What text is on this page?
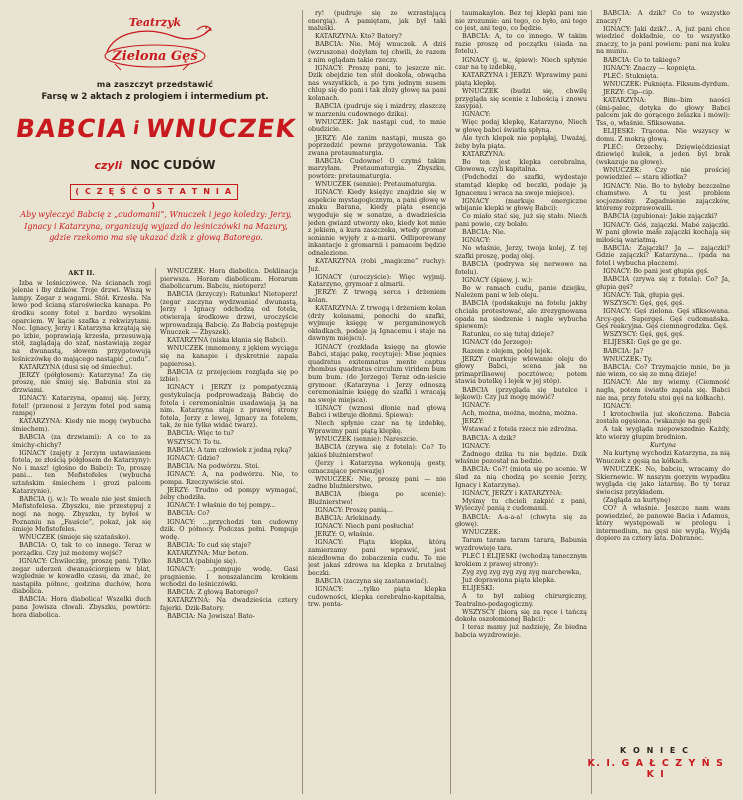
Teatrzyk
Zielona Gęś
ma zaszczyt przedstawić
Farsę w 2 aktach z prologiem i intermedium pt.
BABCIA i WNUCZEK
czyli NOC CUDÓW
( C Z Ę Ś Ć O S T A T N I A )
Aby wyleczyć Babcię z „cudomanii”, Wnuczek i jego koledzy: Jerzy, Ignacy i Katarzyna, organizują wyjazd do leśniczówki na Mazury, gdzie rzekomo ma się ukazać dzik z głową Batorego.

AKT II.

Izba w leśniczówce. Na ścianach rogi jelenie i łby dzików. Troje drzwi. Wiszą w lampy. Zegar z wagami. Stół. Krzesła. Na lewo pod ścianą staroświecka kanapa. Po środku sceny fotel z bardzo wysokim oparciem. W kącie szafka z rekwizytami. Noc. Ignacy, Jerzy i Katarzyna krzątają się po izbie, poprawiają krzesła, przesuwają stół, zaglądają do szaf, nastawiają zegar na dwunastą, słowem przygotowują leśniczówkę do mającego nastąpić „cudu”.

KATARZYNA (dusi się od śmiechu).

JERZY (półgłosem): Katarzyna! Za cię proszę, nie śmiej się. Babunia stoi za drzwiami.

IGNACY: Katarzyna, opanuj się. Jerzy, fotel! (przenosi z Jerzym fotel pod samą rampę)

KATARZYNA: Kiedy nie mogę (wybucha śmiechem).

BABCIA (za drzwiami): A co to za śmichy-chichy?

IGNACY (zajęty z Jerzym ustawianiem fotela, ze złością półgłosem do Katarzyny): No i masz! (głośno do Babci): To, proszę pani... ten Mefistofeles (wybucha sztańskim śmiechem i grozi palcem Katarzynie).

BABCIA (j. w.): To weale nie jest śmiech Mefistofelesa. Zbyszku, nie przestępuj z nogi na nogę. Zbyszku, ty byłeś w Poznaniu na „Fauście”, pokaż, jak się śmieje Mefistofeles.

WNUCZEK (śmieje się szatańsko).

BABCIA: O, tak to co innego. Teraz w porządku. Czy już możemy wejść?

IGNACY: Chwileczkę, proszę pani. Tylko zegar uderzeń dwanaściorgiem w blat, wzglednie w kowadło czasu, da znać, że nastąpiła północ, godzina duchów, hora diabolica.

BABCIA: Hora diabolica! Wszelki duch pana Jowisza chwali. Zbyszku, powtórz: hora diabolica.

WNUCZEK: Hora diabolica. Deklinacja pierwsza. Horam diabolicam. Horarum diabolicarum. Babciu, nietoperz!

BABCIA (krzyczy): Ratunku! Nietoperz! (zegar zaczyna wydzwaniać dwunastą, Jerzy i Ignacy odchodzą od fotela, otwierają środkowe drzwi, uroczyście wprowadzają Babcię. Za Babcią postępuje Wnuczek — Zbyszek).

KATARZYNA (niska kłania się Babci).

WNUCZEK (mnemony, z jękiem wyciąga się na kanapie i dyskretnie zapala papierosa).

BABCIA (z przejęciem rozgląda się po izbie).

IGNACY i JERZY (z pompatycznią gestykulacją podprowadzają Babcię do fotela i ceremonialnie usadawiają ją na nim. Katarzyna staje z prawej strony fotela, Jerzy z lewej, Ignacy za fotelem, tak, że nie tylko widać twarz).

BABCIA: Więc to tu?

WSZYSCY: To tu.

BABCIA: A tam człowiek z jedną ręką?

IGNACY: Gdzie?

BABCIA: Na podwórzu. Stoi.

IGNACY: A, na podwórzu. Nie, to pompa. Rzeczywiście stoi.

JERZY: Trudno od pompy wymagać, żeby chodziła.

IGNACY: I właśnie do tej pompy...

BABCIA: Co?

IGNACY: ...przychodzi ten cudowny dzik. O północy. Podczas pełni. Pompuje wodę.

BABCIA: To cud się staje?

KATARZYNA: Mur beton.

BABCIA (pabiuje się).

IGNACY: ...pompuje wodę. Gasi pragnienie. I nonszalancim krokiem wchodzi do leśniczówki.

BABCIA: Z głową Batorego?

KATARZYNA: Na dwadzieścia cztery fajerki. Dzik-Batory.

BABCIA: Na Jowisza! Bato-

ry! (pudruje się ze wzrastającą energią). A pamiętam, jak był taki maluśki.

KATARZYNA: Kto? Batory?

BABCIA: Nie. Mój wnuczek. A dziś (wzruszona) dożyłam tej chwili, że razem z nim oglądam takie rzeczy.

IGNACY: Proszę pani, to jeszcze nic. Dzik obejdzie ten stół dookoła, obwącha nas wszystkich, a po tym jednym susem chlup się do pani i tak złoży głowę na pani kolanach.

BABCIA (pudruje się i mizdrzy, złaszczę w marzeniu cudownego dzika).

WNUCZEK: Jak nastąpi cud, to mnie obudzicie.

JERZY: Ale zanim nastąpi, musza go poprzedzić pewne przygotowania. Tak zwana pretaumaturgia.

BABCIA: Cudowne! O czymś takim marzyłam. Pretaumaturgia. Zbyszku, powtórz: pretaumaturgia.

WNUCZEK (sennie): Pretaumaturgia.

IGNACY: Kiedy księżyc znajdzie się w aspekcie mystagogicznym, a pani głowę w znaku Barana, kiedy piąta esencja wygoduje się w sonatze, a dwadzieścia jeden gwiazd utworzy oko, kiedy kot mnie z jekiem, a kura zaszczeka, wtedy gromar sonianie wyjęły z a‑marii. Odliporewany inkantacje z gromarnii i pamacem będzie odnalezione.

KATARZYNA (robi „magiczne” ruchy): Już.

IGNACY (uroczyście): Więc wyjmij. Katarzyno, grymoar z almarii.

JERZY: Z trwogą serca i drżeniem kolan.

KATARZYNA: Z trwogą i drżeniem kolan (drży kolanami, ponochi do szafki, wyjmuje księgę w pergaminowych okładkach, podaje ją Ignacemu i staje na dawnym miejscu).

IGNACY (rozkłada księgę na głowie Babci, stając pakę, recytuje): Mise jeqnies quadratus exitemnatus mente captus rhombus quadratus circulum viridem bum bum bum. (do Jerzego) Teraz odn‑ieście grymoar. (Katarzyna i Jerzy odnoszą ceremonialnie księgę do szafki i wracają na swoje miejsca).

IGNACY (wznosi dłonie nad głową Babci i wibruje dłońmi. Śpiewa):

Niech spłynie czar na tę izdebkę, Wprawimy pani piątą klepkę.

WNUCZEK (sennie): Nareszcie.

BABCIA (zrywa się z fotela): Co? To jakieś bluźnierstwo!

(Jerzy i Katarzyna wykonują gesty, oznaczające perswazję)

WNUCZEK: Nie, proszę pani — nie żadne bluźnierstwo.

BABCIA (biega po scenie): Bluźnierstwo!

IGNACY: Proszę panią...

BABCIA: Arlekinady.

IGNACY: Niech pani posłucha!

JERZY: O, właśnie.

IGNACY: Piąta klepka, którą zamierzamy pani wprawić, jest niezdłowna do zobaczenia cudu. To nie jest jakaś zdrowa na klepka z brutalnej beczki.

BABCIA (zaczyna się zastanawiać).

IGNACY: ...tylko piąta klepka cudowności, klepka cerebralno-kapitalna, trw. penta-

taumakaylon. Bez tej klepki pani nie nie zrozumie: ani tego, co było, ani tego co jest, ani tego, co będzie.

BABCIA: A, to co innego. W takim razie proszę od początku (siada na fotelu).

IGNACY (j. w., śpiew): Niech spłynie czar na tę izdebkę,

KATARZYNA i JERZY: Wprawimy pani piątą klepkę.

WNUCZEK (budzi się, chwilę przygląda się scenie z lubością i znowu zasypia).

IGNACY:

Więc podaj klepkę, Katarzyno, Niech w głowę babci światła spłyną.

Ale tych klepek nie popląłaj, Uważaj, żeby była piąta.

KATARZYNA:

Bo ten jest klepka cerebralna, Głowowa, czyli kapitalna.

(Podchodzi do szafki, wydostaje stamtąd klepkę od beczki, podaje ją Ignacemu i wraca na swoje miejsce).

IGNACY (markuje energiczne wbijanie klepki w głowę Babci):

Co miało stać się, już się stało. Niech pani powie, czy bolało.

BABCIA: Nie.

IGNACY:

No właśnie, Jerzy, twoja kolej, Z tej szafki proszę, podaj olej.

BABCIA (podrywa się nerwowo na fotelu).

IGNACY (śpiew, j. w.):

Bo w ramach cudu, panie dziejku, Należem pani w leb oleju.

BABCIA (podskakuje na fotelu jakby chciała protestować, ale zrezygnowana opada na siedzenie i nagle wybucha śpiewem):

Ratunku, co się tutaj dzieje?

IGNACY (do Jerzego):

Razem z olejem, polej lejek.

JERZY (markuje wlewanie oleju do głowy Babci, scena jak na primaprilisowej pocztówce; potem stawia butelkę i lejek w jej stóp).

BABCIA (przygląda się butelce i lejkowi): Czy już mogę mówić?

IGNACY:

Ach, można, można, można, można.

JERZY:

Wstawać z fotela rzecz nie zdrożna.

BABCIA: A dzik?

IGNACY:

Żadnego dzika tu nie będzie. Dzik właśnie pozostał na bedzie.

BABCIA: Co?! (miota się po scenie. W ślad za nią chodzą po scenie Jerzy, Ignacy i Katarzyna).

IGNACY, JERZY i KATARZYNA:

Myśmy tu chcieli zakpić z pani, Wyleczyć panią z cudomanii.

BABCIA: A-a-a-a! (chwyta się za głowę).

WNUCZEK:

Taram taram taram tarara, Babunia wyzdrowieje tara.

PLEĆ I ELIJESKI (wchodzą tanecznym krokiem z prawej strony):

Zyg zyg zyg zyg zyg zyg marchewka,

Już doprawiona piąta klepka.

ELIJESKI:

A to był zabieg chirurgiczny, Teatralno-pedagogiczny.

WSZYSCY (biorą się za ręce i tańczą dokoła oszołomionej Babci):

I teraz mamy już nadzieję, Że biedna babcia wyzdrowieje.

BABCIA: A dzik? Co to wszystko znaczy?

IGNACY: Jaki dzik?... A, już pani chce wiedzieć dokładnie, co to wszystko znaczy, to ja pani powiem: pani ma kuku na muniu.

BABCIA: Co to takiego?

IGNACY: Znaczy — kopnięta.

PLEĆ: Stuknięta.

WNUCZEK: Puknięta. Fiksum-dyrdum.

JERZY: Cip--cip.

KATARZYNA: Bim--bim naości (śmi‑palec, dotyka do głowy Babci palcem jak do gorącego żelazka i mówi): Tss, o, właśnie. Sfiksowana.

ELIJESKI: Trącona. Nie wszyscy w domu. Z mokrą głową.

PLEĆ: Orzechy. Dzięwięćdziesiąt dziewięć kulek, a jeden byl brak (wskazuje na głowę).

WNUCZEK: Czy nie prościej powiedzieć — stara idiotka?

IGNACY: Nie. Bo to byłoby bezczelne chamstwo. A tu jest problem socjoznośny. Zagadnienie zajączków, któremy rozprawowaili.

BABCIA (zgubiona): Jakie zajączki?

IGNACY: Góś, zajączki. Mabé zajączki. W pani głowie małe zajączki kochają się miłością wariatmą.

BABCIA: Zajączki? Ja — zajączki? Gdzie zajączki? Katarzyna... (pada na fotel i wybucha płaczem).

IGNACY: Bo pani jest głupia gęś.

BABCIA (zrywa się z fotela): Co? Ja, głupia gęś?

IGNACY: Tak, głupia gęś.

WSZYSCY: Gęś, gęś, gęś.

IGNACY: Gęś zielona. Gęś sfiksowana. Arcy-gęś. Supergęś. Gęś cudomańska. Gęś reakcyjna. Gęś ciemnogrodzka. Gęś.

WSZYSCY: Gęś, gęś, gęś.

ELIJESKI: Gęś ge ge ge.

BABCIA: Ja?

WNUCZEK: Ty.

BABCIA: Co? Trzymajcie mnie, bo ja nie wiem, co się ze mną dzieje!

IGNACY: Ale my wiemy. (Ciemność nagła, potem światło zapala się. Babci nie ma, przy fotelu stoi gęś na kółkach).

IGNACY:

I krotochwila już skończona. Babcia została ogęsiona. (wskazuje na gęś)

A tak wygląda niepowszednio Każdy, kto wierzy głupim brednion.

Kurtyna

Na kurtynę wychodzi Katarzyna, za nią Wnuczek z gęsią na kółkach.

WNUCZEK: No, babciu, wracamy do Skiernewic. W naszym gorzym wypadku wygląda cię jako latarnię. Bo ty teraz świecisz przykładem.

(Zagląda za kurtynę)

CO? A właśnie. Jeszcze nam wam powiedzieć, że panowie Bacia i Adamus, który występowali w prologu i intermedium, na gęsi nie wyglą. Wyjdą dopiero za cztery lata. Dobranoc.

K O N I E C
K. I. G A Ł C Z Y Ń S K I
